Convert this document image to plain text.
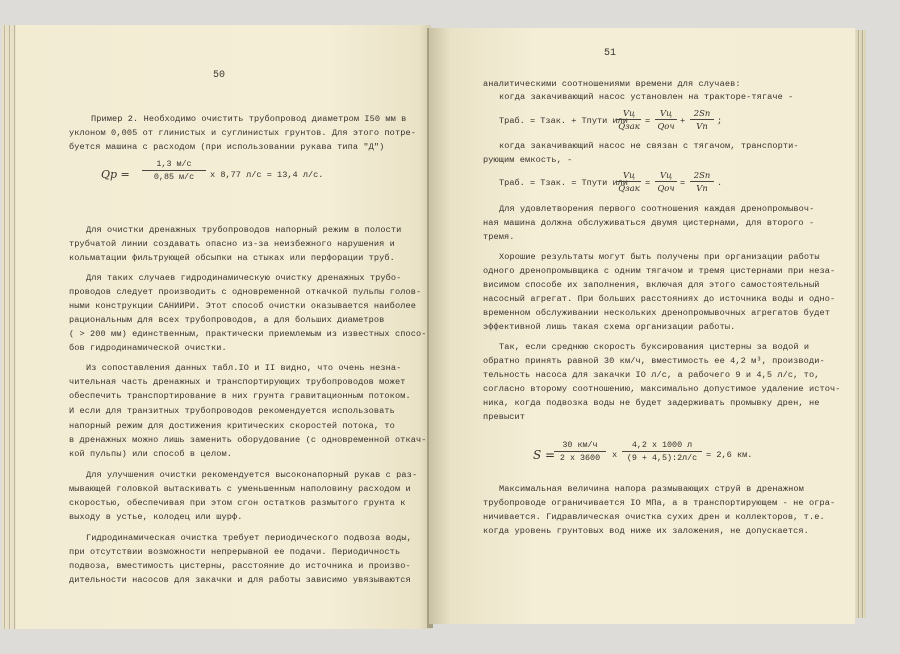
50
Пример 2. Необходимо очистить трубопровод диаметром I50 мм в
уклоном 0,005 от глинистых и суглинистых грунтов. Для этого потре-
буется машина с расходом (при использовании рукава типа "Д")
Qp =
1,3 м/с
0,85 м/с	x 8,77 л/с = 13,4 л/с.
Для очистки дренажных трубопроводов напорный режим в полости
трубчатой линии создавать опасно из-за неизбежного нарушения и
кольматации фильтрующей обсыпки на стыках или перфорации труб.
Для таких случаев гидродинамическую очистку дренажных трубо-
проводов следует производить с одновременной откачкой пульпы голов-
ными конструкции САНИИРИ. Этот способ очистки оказывается наиболее
рациональным для всех трубопроводов, а для больших диаметров
( > 200 мм) единственным, практически приемлемым из известных спосо-
бов гидродинамической очистки.
Из сопоставления данных табл.IO и II видно, что очень незна-
чительная часть дренажных и транспортирующих трубопроводов может
обеспечить транспортирование в них грунта гравитационным потоком.
И если для транзитных трубопроводов рекомендуется использовать
напорный режим для достижения критических скоростей потока, то
в дренажных можно лишь заменить оборудование (с одновременной откач-
кой пульпы) или способ в целом.
Для улучшения очистки рекомендуется высоконапорный рукав с раз-
мывающей головкой вытаскивать с уменьшенным наполовину расходом и
скоростью, обеспечивая при этом сгон остатков размытого грунта к
выходу в устье, колодец или шурф.
Гидродинамическая очистка требует периодического подвоза воды,
при отсутствии возможности непрерывной ее подачи. Периодичность
подвоза, вместимость цистерны, расстояние до источника и произво-
дительности насосов для закачки и для работы зависимо увязываются
51
аналитическими соотношениями времени для случаев:
когда закачивающий насос установлен на тракторе-тягаче -
Tраб. = Tзак. + Tпути или
Vц
Qзак =
Vц
Qоч +
2Sп
Vп	;
когда закачивающий насос не связан с тягачом, транспорти-
рующим емкость, -
Tраб. = Tзак. = Tпути или
Vц
Qзак =
Vц
Qоч =
2Sп
Vп	.
Для удовлетворения первого соотношения каждая дренопромывоч-
ная машина должна обслуживаться двумя цистернами, для второго -
тремя.
Хорошие результаты могут быть получены при организации работы
одного дренопромывщика с одним тягачом и тремя цистернами при неза-
висимом способе их заполнения, включая для этого самостоятельный
насосный агрегат. При больших расстояниях до источника воды и одно-
временном обслуживании нескольких дренопромывочных агрегатов будет
эффективной лишь такая схема организации работы.
Так, если среднюю скорость буксирования цистерны за водой и
обратно принять равной 30 км/ч, вместимость ее 4,2 м³, производи-
тельность насоса для закачки IO л/с, а рабочего 9 и 4,5 л/с, то,
согласно второму соотношению, максимально допустимое удаление источ-
ника, когда подвозка воды не будет задерживать промывку дрен, не
превысит
S =
30 км/ч
2 x 3600	x
4,2 x 1000 л
(9 + 4,5):2л/с	= 2,6 км.
Максимальная величина напора размывающих струй в дренажном
трубопроводе ограничивается IO МПа, а в транспортирующем - не огра-
ничивается. Гидравлическая очистка сухих дрен и коллекторов, т.е.
когда уровень грунтовых вод ниже их заложения, не допускается.
